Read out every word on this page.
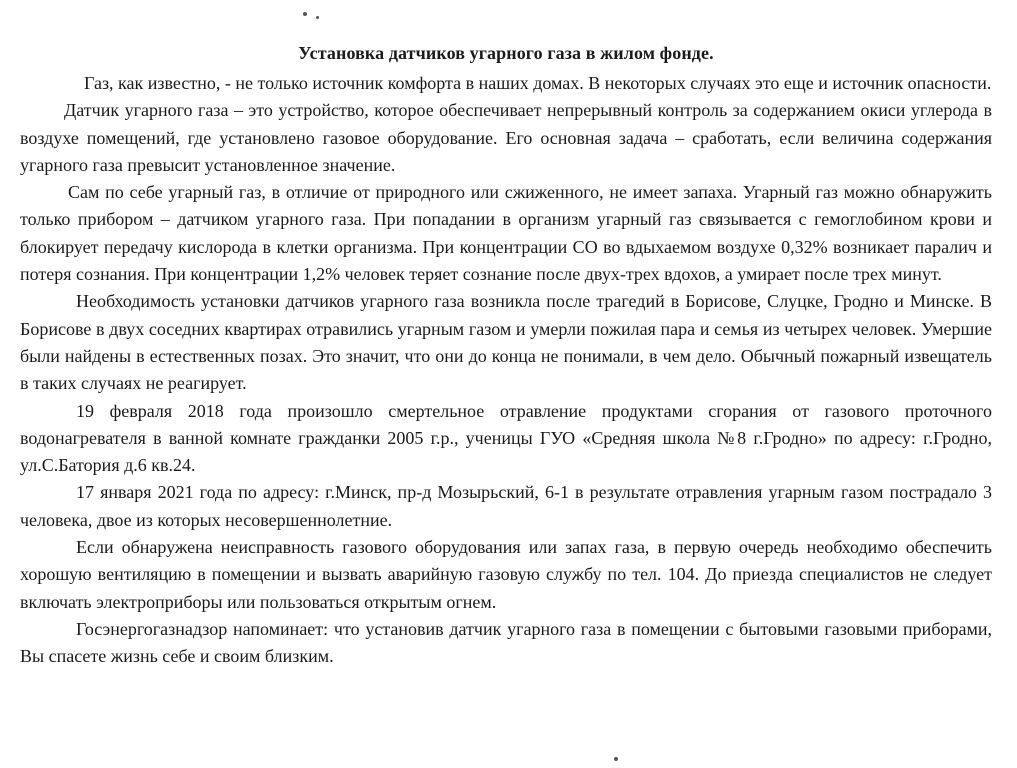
Установка датчиков угарного газа в жилом фонде.

Газ, как известно, - не только источник комфорта в наших домах. В некоторых случаях это еще и источник опасности.

Датчик угарного газа – это устройство, которое обеспечивает непрерывный контроль за содержанием окиси углерода в воздухе помещений, где установлено газовое оборудование. Его основная задача – сработать, если величина содержания угарного газа превысит установленное значение.

Сам по себе угарный газ, в отличие от природного или сжиженного, не имеет запаха. Угарный газ можно обнаружить только прибором – датчиком угарного газа. При попадании в организм угарный газ связывается с гемоглобином крови и блокирует передачу кислорода в клетки организма. При концентрации CO во вдыхаемом воздухе 0,32% возникает паралич и потеря сознания. При концентрации 1,2% человек теряет сознание после двух-трех вдохов, а умирает после трех минут.

Необходимость установки датчиков угарного газа возникла после трагедий в Борисове, Слуцке, Гродно и Минске. В Борисове в двух соседних квартирах отравились угарным газом и умерли пожилая пара и семья из четырех человек. Умершие были найдены в естественных позах. Это значит, что они до конца не понимали, в чем дело. Обычный пожарный извещатель в таких случаях не реагирует.

19 февраля 2018 года произошло смертельное отравление продуктами сгорания от газового проточного водонагревателя в ванной комнате гражданки 2005 г.р., ученицы ГУО «Средняя школа №8 г.Гродно» по адресу: г.Гродно, ул.С.Батория д.6 кв.24.

17 января 2021 года по адресу: г.Минск, пр-д Мозырьский, 6-1 в результате отравления угарным газом пострадало 3 человека, двое из которых несовершеннолетние.

Если обнаружена неисправность газового оборудования или запах газа, в первую очередь необходимо обеспечить хорошую вентиляцию в помещении и вызвать аварийную газовую службу по тел. 104. До приезда специалистов не следует включать электроприборы или пользоваться открытым огнем.

Госэнергогазнадзор напоминает: что установив датчик угарного газа в помещении с бытовыми газовыми приборами, Вы спасете жизнь себе и своим близким.
